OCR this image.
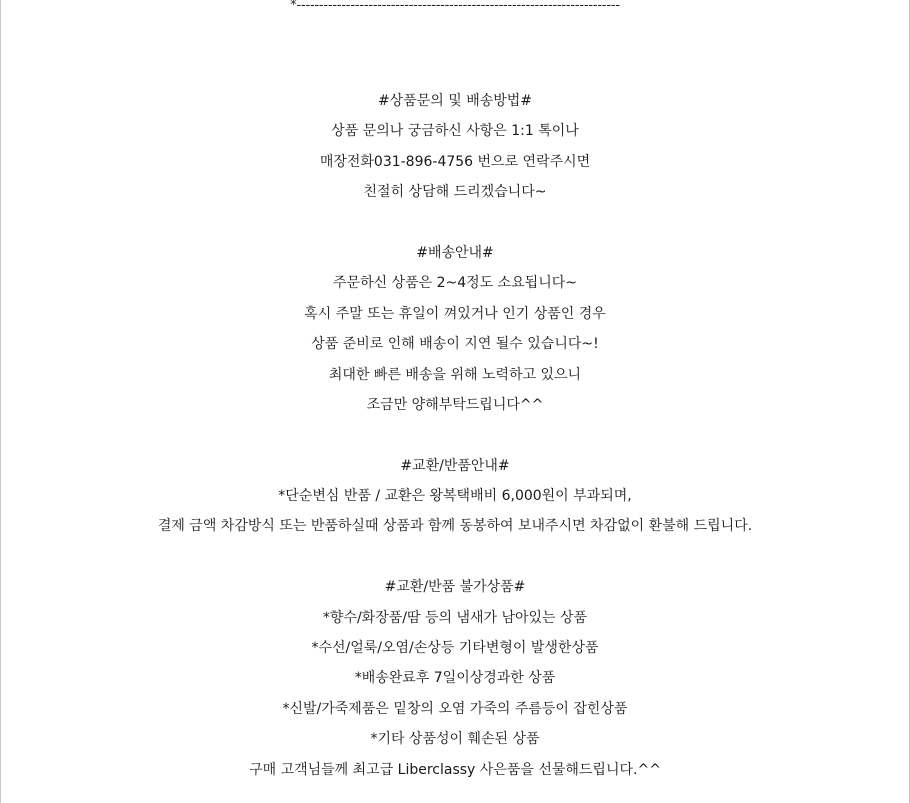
*------------------------------------------------------------------------
#상품문의 및 배송방법#
상품 문의나 궁금하신 사항은 1:1 톡이나
매장전화031-896-4756 번으로 연락주시면
친절히 상담해 드리겠습니다~
#배송안내#
주문하신 상품은 2~4정도 소요됩니다~
혹시 주말 또는 휴일이 껴있거나 인기 상품인 경우
상품 준비로 인해 배송이 지연 될수 있습니다~!
최대한 빠른 배송을 위해 노력하고 있으니
조금만 양해부탁드립니다^^
#교환/반품안내#
*단순변심 반품 / 교환은 왕복택배비 6,000원이 부과되며,
결제 금액 차감방식 또는 반품하실때 상품과 함께 동봉하여 보내주시면 차감없이 환불해 드립니다.
#교환/반품 불가상품#
*향수/화장품/땀 등의 냄새가 남아있는 상품
*수선/얼룩/오염/손상등 기타변형이 발생한상품
*배송완료후 7일이상경과한 상품
*신발/가죽제품은 밑창의 오염 가죽의 주름등이 잡힌상품
*기타 상품성이 훼손된 상품
구매 고객님들께 최고급 Liberclassy 사은품을 선물해드립니다.^^
